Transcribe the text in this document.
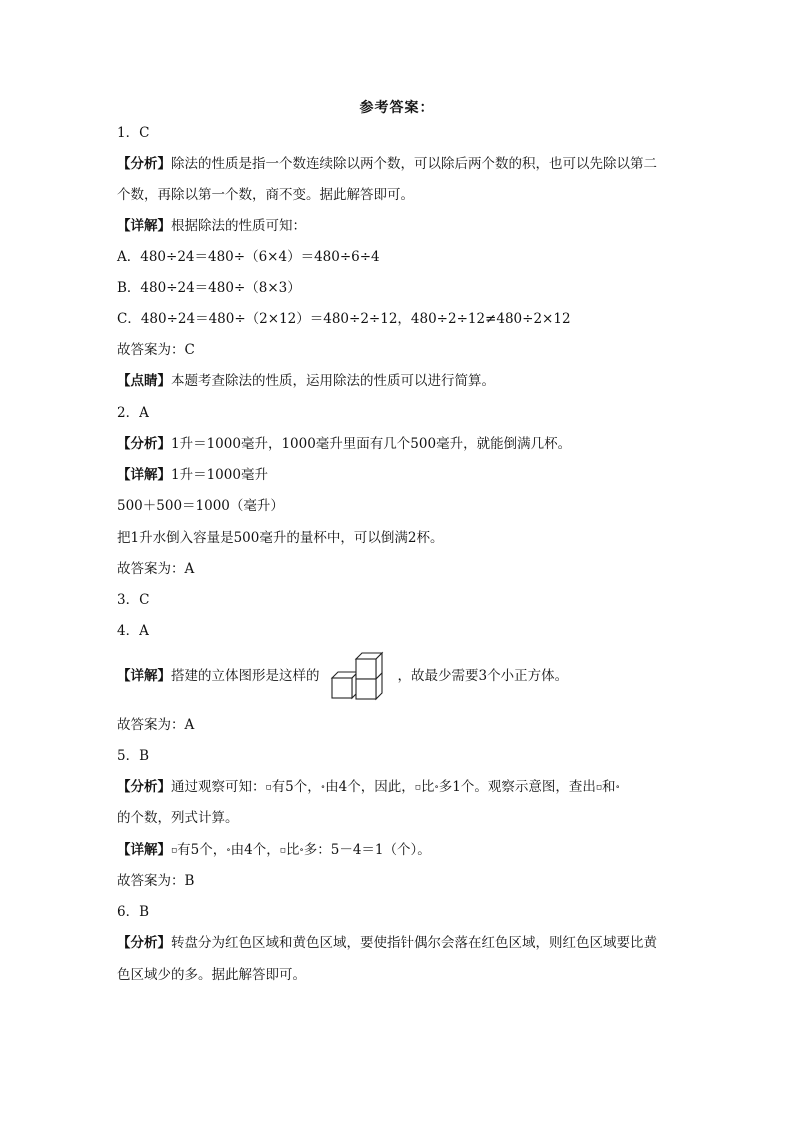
参考答案：
1．C
【分析】除法的性质是指一个数连续除以两个数，可以除后两个数的积，也可以先除以第二
个数，再除以第一个数，商不变。据此解答即可。
【详解】根据除法的性质可知：
A．480÷24＝480÷（6×4）＝480÷6÷4
B．480÷24＝480÷（8×3）
C．480÷24＝480÷（2×12）＝480÷2÷12，480÷2÷12≠480÷2×12
故答案为：C
【点睛】本题考查除法的性质，运用除法的性质可以进行简算。
2．A
【分析】1升＝1000毫升，1000毫升里面有几个500毫升，就能倒满几杯。
【详解】1升＝1000毫升
500＋500＝1000（毫升）
把1升水倒入容量是500毫升的量杯中，可以倒满2杯。
故答案为：A
3．C
4．A
【详解】搭建的立体图形是这样的	，故最少需要3个小正方体。
故答案为：A
5．B
【分析】通过观察可知：▫有5个，∘由4个，因此，▫比∘多1个。观察示意图，查出▫和∘
的个数，列式计算。
【详解】▫有5个，∘由4个，▫比∘多：5－4＝1（个）。
故答案为：B
6．B
【分析】转盘分为红色区域和黄色区域，要使指针偶尔会落在红色区域，则红色区域要比黄
色区域少的多。据此解答即可。
